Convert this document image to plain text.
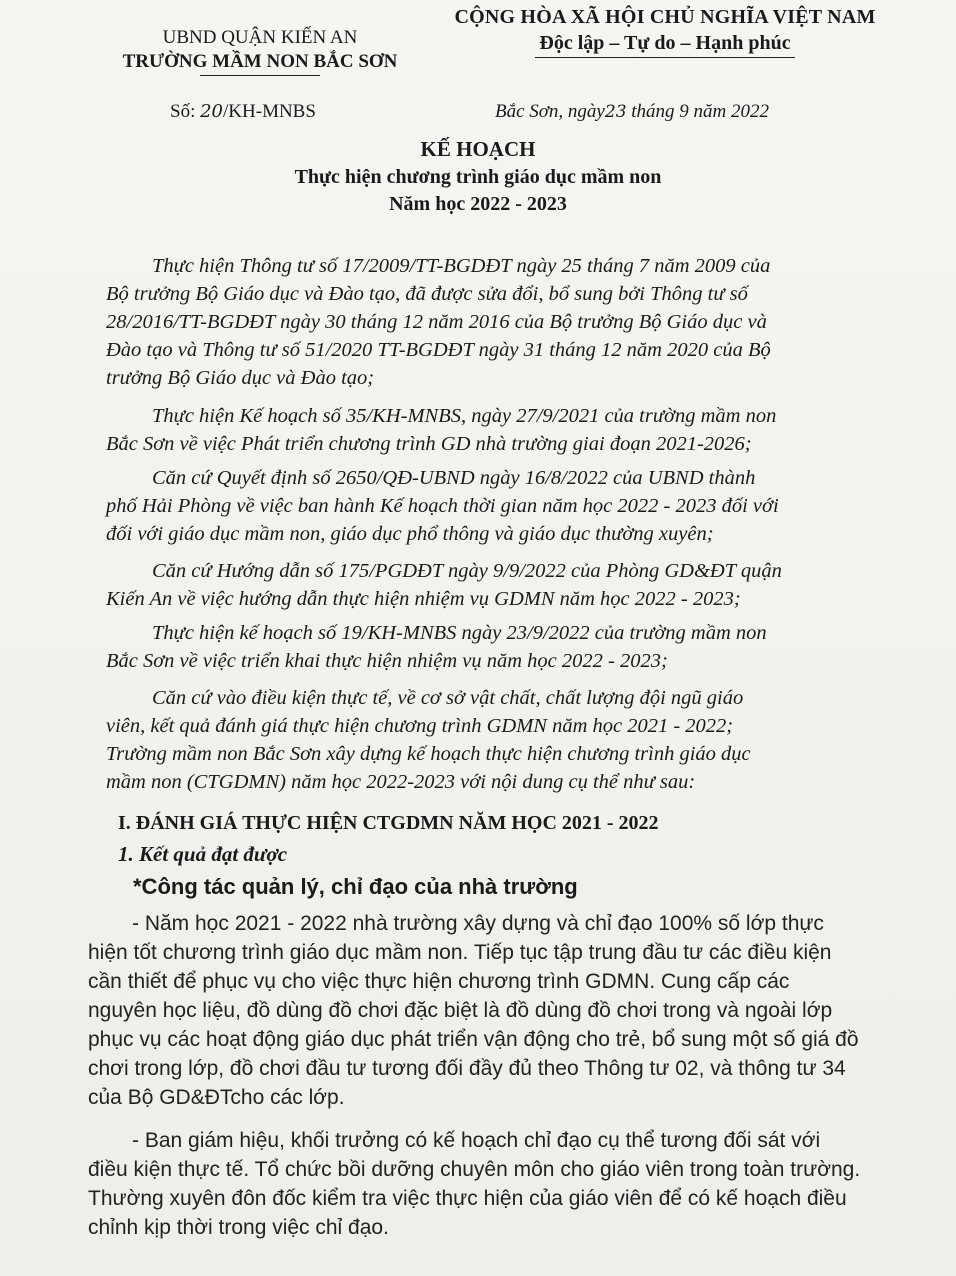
UBND QUẬN KIẾN AN
TRƯỜNG MẦM NON BẮC SƠN
CỘNG HÒA XÃ HỘI CHỦ NGHĨA VIỆT NAM
Độc lập – Tự do – Hạnh phúc
Số: 20/KH-MNBS	Bắc Sơn, ngày23 tháng 9 năm 2022
KẾ HOẠCH
Thực hiện chương trình giáo dục mầm non
Năm học 2022 - 2023
Thực hiện Thông tư số 17/2009/TT-BGDĐT ngày 25 tháng 7 năm 2009 của
Bộ trưởng Bộ Giáo dục và Đào tạo, đã được sửa đổi, bổ sung bởi Thông tư số
28/2016/TT-BGDĐT ngày 30 tháng 12 năm 2016 của Bộ trưởng Bộ Giáo dục và
Đào tạo và Thông tư số 51/2020 TT-BGDĐT ngày 31 tháng 12 năm 2020 của Bộ
trưởng Bộ Giáo dục và Đào tạo;
Thực hiện Kế hoạch số 35/KH-MNBS, ngày 27/9/2021 của trường mầm non
Bắc Sơn về việc Phát triển chương trình GD nhà trường giai đoạn 2021-2026;
Căn cứ Quyết định số 2650/QĐ-UBND ngày 16/8/2022 của UBND thành
phố Hải Phòng về việc ban hành Kế hoạch thời gian năm học 2022 - 2023 đối với
đối với giáo dục mầm non, giáo dục phổ thông và giáo dục thường xuyên;
Căn cứ Hướng dẫn số 175/PGDĐT ngày 9/9/2022 của Phòng GD&ĐT quận
Kiến An về việc hướng dẫn thực hiện nhiệm vụ GDMN năm học 2022 - 2023;
Thực hiện kế hoạch số 19/KH-MNBS ngày 23/9/2022 của trường mầm non
Bắc Sơn về việc triển khai thực hiện nhiệm vụ năm học 2022 - 2023;
Căn cứ vào điều kiện thực tế, về cơ sở vật chất, chất lượng đội ngũ giáo
viên, kết quả đánh giá thực hiện chương trình GDMN năm học 2021 - 2022;
Trường mầm non Bắc Sơn xây dựng kế hoạch thực hiện chương trình giáo dục
mầm non (CTGDMN) năm học 2022-2023 với nội dung cụ thể như sau:
I. ĐÁNH GIÁ THỰC HIỆN CTGDMN NĂM HỌC 2021 - 2022
1. Kết quả đạt được
*Công tác quản lý, chỉ đạo của nhà trường
- Năm học 2021 - 2022 nhà trường xây dựng và chỉ đạo 100% số lớp thực
hiện tốt chương trình giáo dục mầm non. Tiếp tục tập trung đầu tư các điều kiện
cần thiết để phục vụ cho việc thực hiện chương trình GDMN. Cung cấp các
nguyên học liệu, đồ dùng đồ chơi đặc biệt là đồ dùng đồ chơi trong và ngoài lớp
phục vụ các hoạt động giáo dục phát triển vận động cho trẻ, bổ sung một số giá đồ
chơi trong lớp, đồ chơi đầu tư tương đối đầy đủ theo Thông tư 02, và thông tư 34
của Bộ GD&ĐTcho các lớp.
- Ban giám hiệu, khối trưởng có kế hoạch chỉ đạo cụ thể tương đối sát với
điều kiện thực tế. Tổ chức bồi dưỡng chuyên môn cho giáo viên trong toàn trường.
Thường xuyên đôn đốc kiểm tra việc thực hiện của giáo viên để có kế hoạch điều
chỉnh kịp thời trong việc chỉ đạo.
